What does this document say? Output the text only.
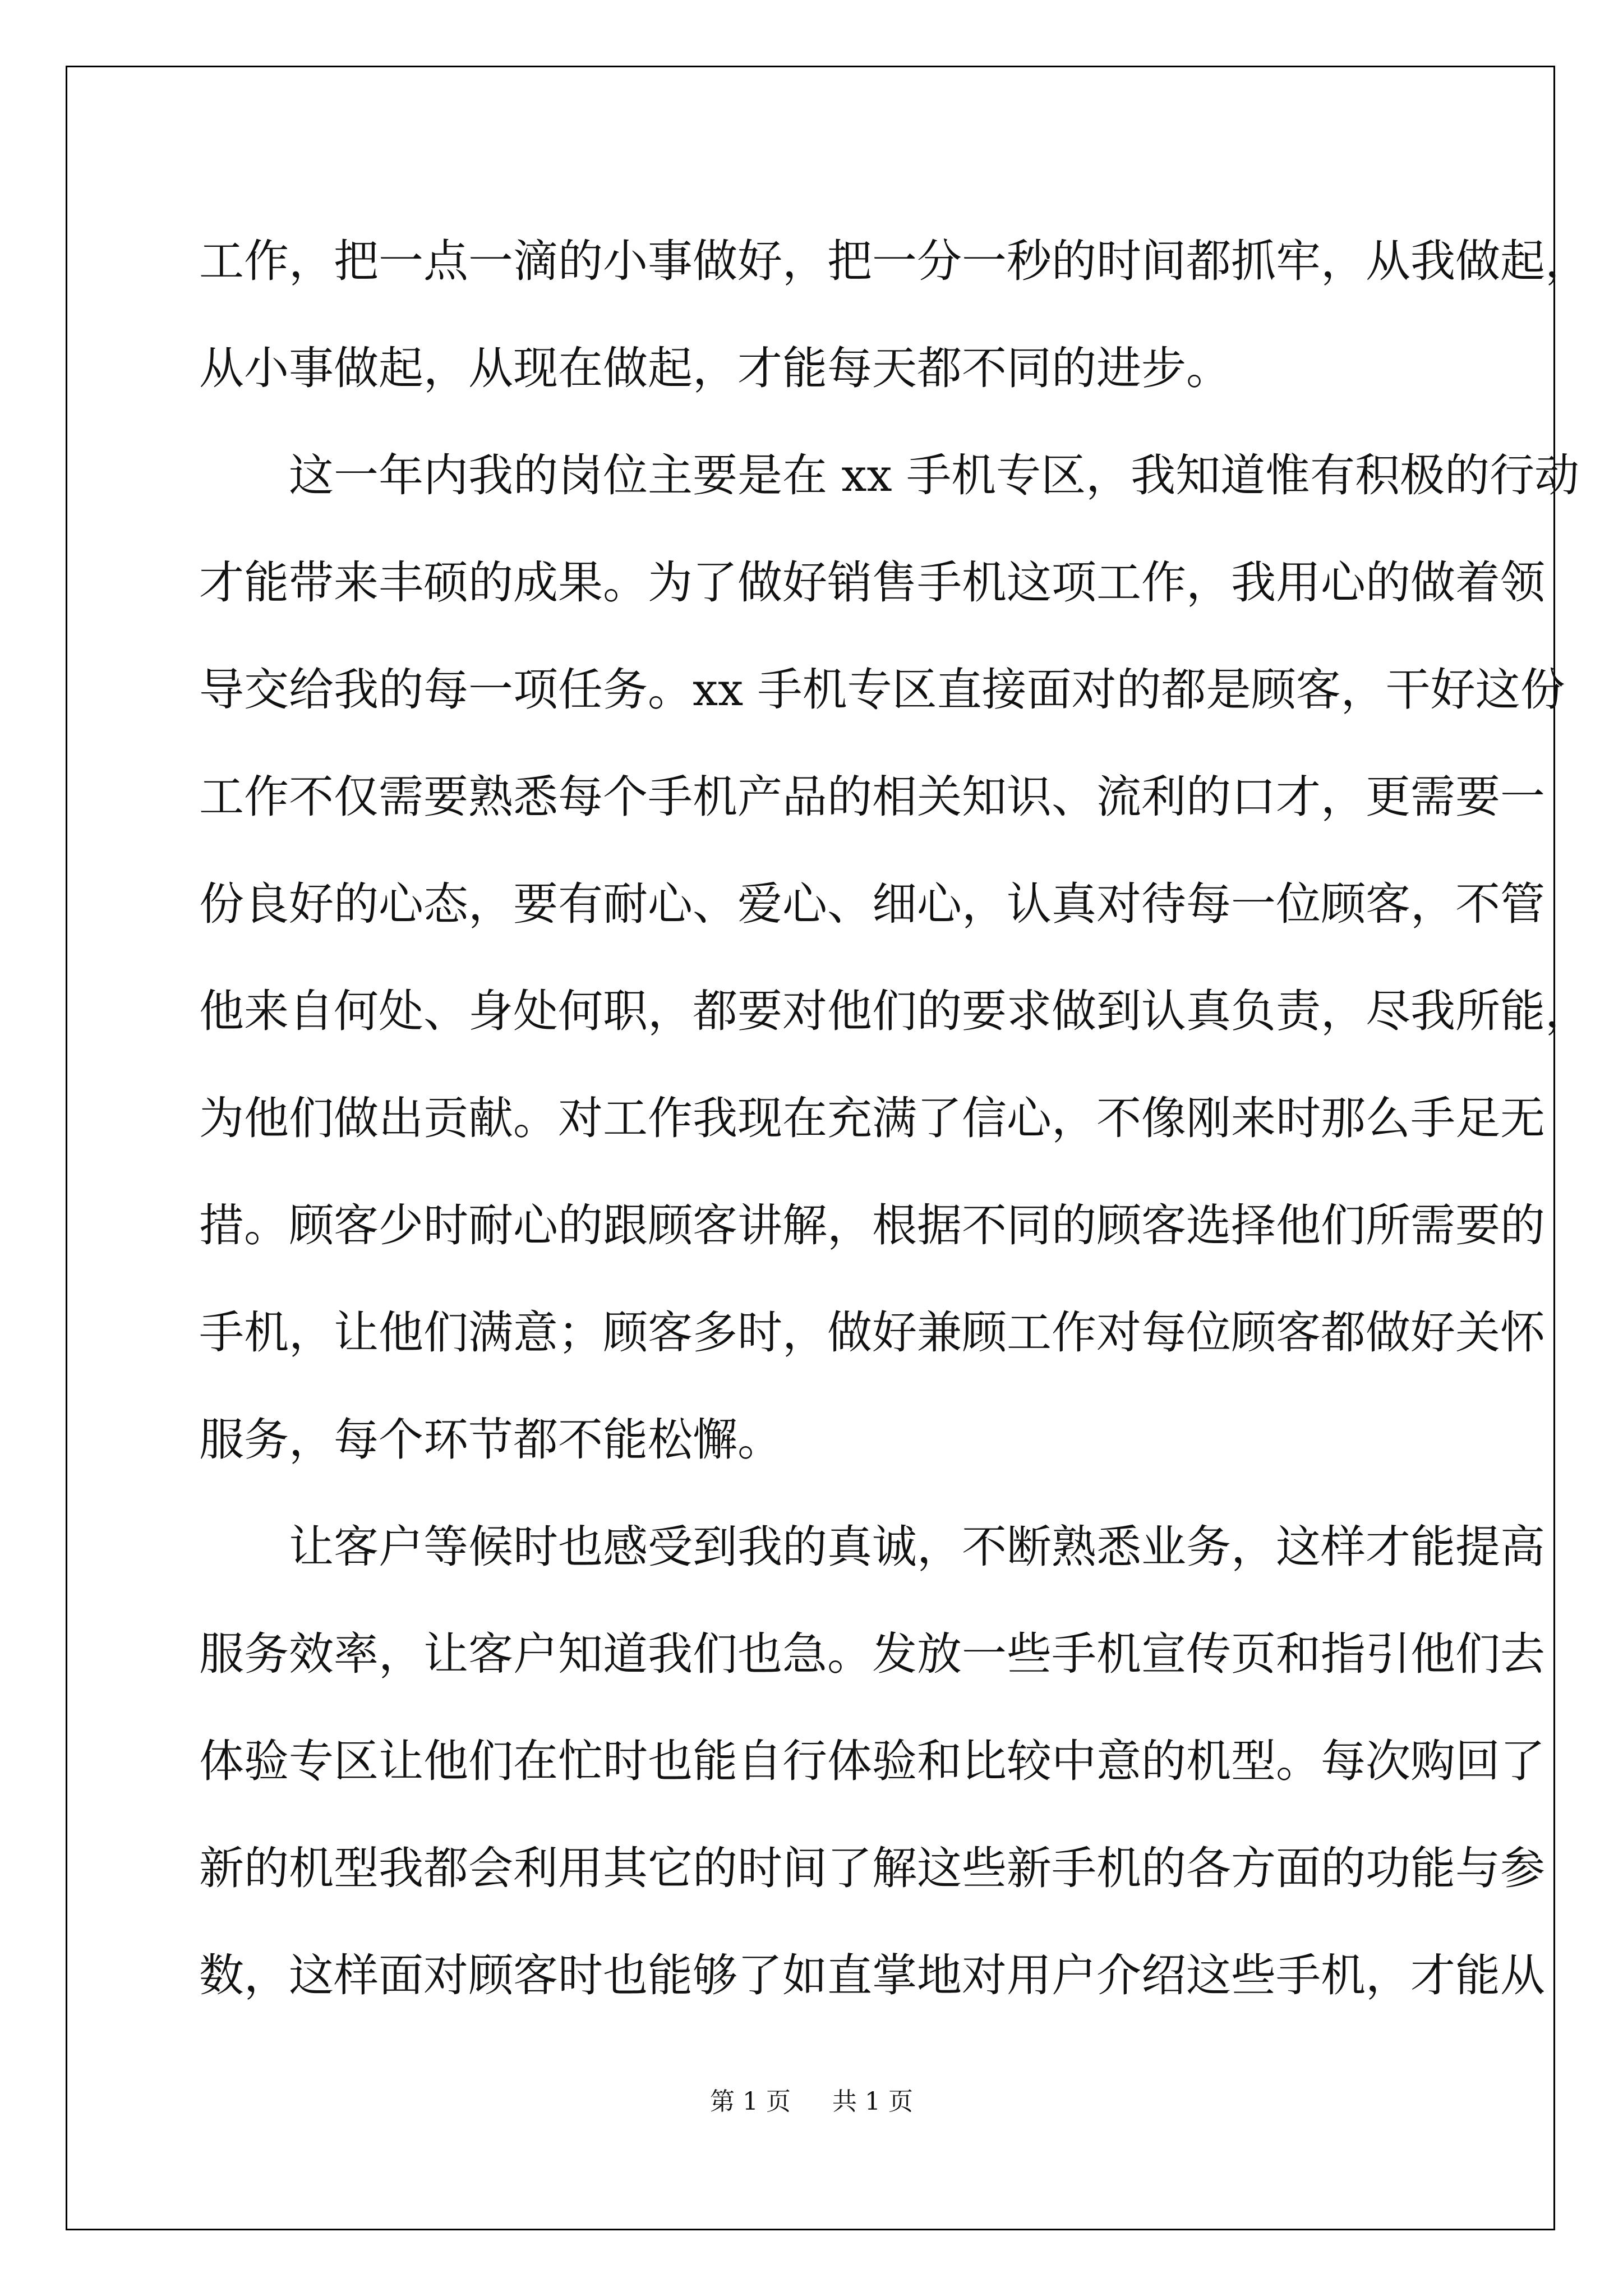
工作，把一点一滴的小事做好，把一分一秒的时间都抓牢，从我做起，
从小事做起，从现在做起，才能每天都不同的进步。
这一年内我的岗位主要是在 xx 手机专区，我知道惟有积极的行动
才能带来丰硕的成果。为了做好销售手机这项工作，我用心的做着领
导交给我的每一项任务。xx 手机专区直接面对的都是顾客，干好这份
工作不仅需要熟悉每个手机产品的相关知识、流利的口才，更需要一
份良好的心态，要有耐心、爱心、细心，认真对待每一位顾客，不管
他来自何处、身处何职，都要对他们的要求做到认真负责，尽我所能，
为他们做出贡献。对工作我现在充满了信心，不像刚来时那么手足无
措。顾客少时耐心的跟顾客讲解，根据不同的顾客选择他们所需要的
手机，让他们满意；顾客多时，做好兼顾工作对每位顾客都做好关怀
服务，每个环节都不能松懈。
让客户等候时也感受到我的真诚，不断熟悉业务，这样才能提高
服务效率，让客户知道我们也急。发放一些手机宣传页和指引他们去
体验专区让他们在忙时也能自行体验和比较中意的机型。每次购回了
新的机型我都会利用其它的时间了解这些新手机的各方面的功能与参
数，这样面对顾客时也能够了如直掌地对用户介绍这些手机，才能从
第 1 页 共 1 页
